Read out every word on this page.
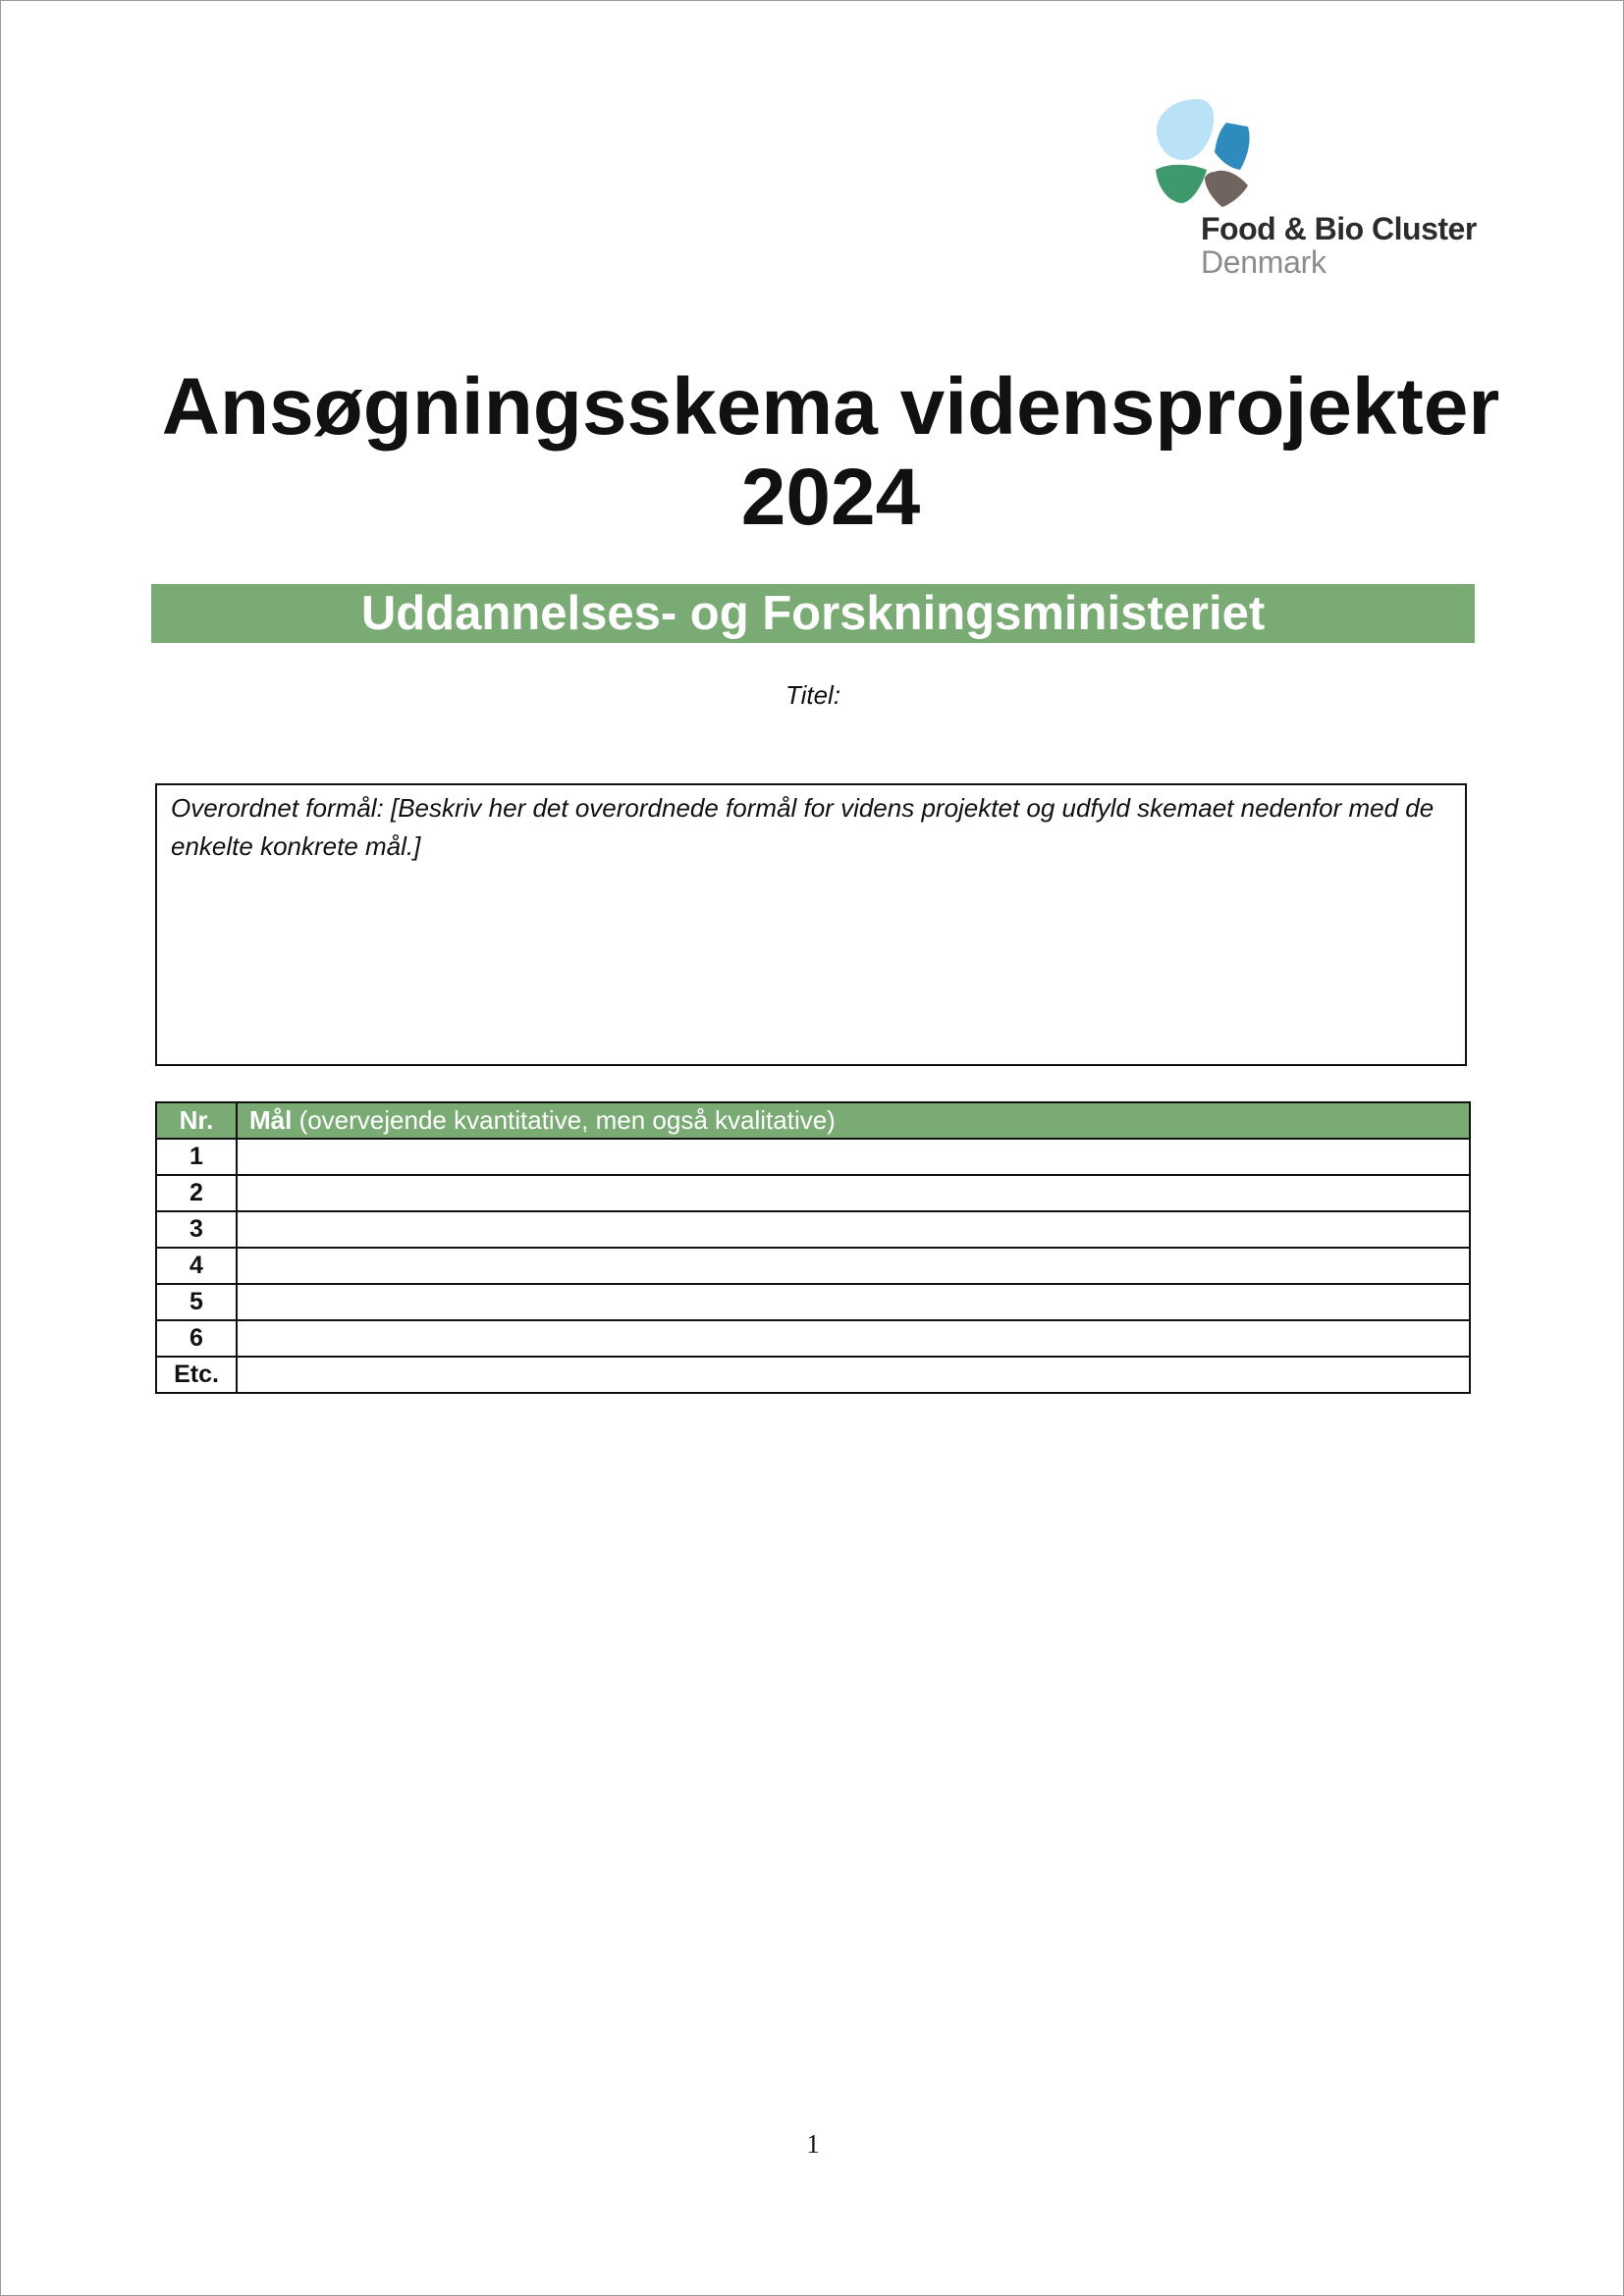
Food & Bio Cluster

Denmark

Ansøgningsskema vidensprojekter
2024
Uddannelses- og Forskningsministeriet

Titel:

Overordnet formål: [Beskriv her det overordnede formål for videns projektet og udfyld skemaet nedenfor med de enkelte konkrete mål.]

Nr.	Mål (overvejende kvantitative, men også kvalitative)
1	
2	
3	
4	
5	
6	
Etc.	

1
